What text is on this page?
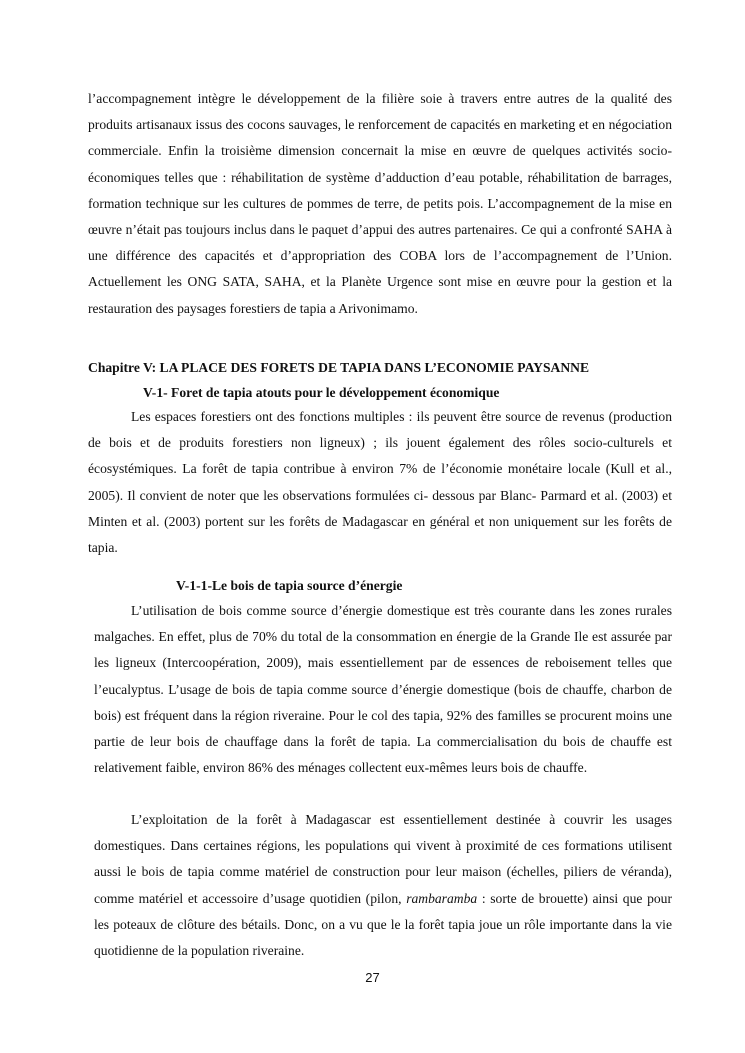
l’accompagnement intègre le développement de la filière soie à travers entre autres de la qualité des produits artisanaux issus des cocons sauvages, le renforcement de capacités en marketing et en négociation commerciale. Enfin la troisième dimension concernait la mise en œuvre de quelques activités socio-économiques telles que : réhabilitation de système d’adduction d’eau potable, réhabilitation de barrages, formation technique sur les cultures de pommes de terre, de petits pois. L’accompagnement de la mise en œuvre n’était pas toujours inclus dans le paquet d’appui des autres partenaires. Ce qui a confronté SAHA à une différence des capacités et d’appropriation des COBA lors de l’accompagnement de l’Union. Actuellement les ONG SATA, SAHA, et la Planète Urgence sont mise en œuvre pour la gestion et la restauration des paysages forestiers de tapia a Arivonimamo.

Chapitre V: LA PLACE DES FORETS DE TAPIA DANS L’ECONOMIE PAYSANNE
V-1- Foret de tapia atouts pour le développement économique

Les espaces forestiers ont des fonctions multiples : ils peuvent être source de revenus (production de bois et de produits forestiers non ligneux) ; ils jouent également des rôles socio-culturels et écosystémiques. La forêt de tapia contribue à environ 7% de l’économie monétaire locale (Kull et al., 2005). Il convient de noter que les observations formulées ci- dessous par Blanc- Parmard et al. (2003) et Minten et al. (2003) portent sur les forêts de Madagascar en général et non uniquement sur les forêts de tapia.

V-1-1-Le bois de tapia source d’énergie

L’utilisation de bois comme source d’énergie domestique est très courante dans les zones rurales malgaches. En effet, plus de 70% du total de la consommation en énergie de la Grande Ile est assurée par les ligneux (Intercoopération, 2009), mais essentiellement par de essences de reboisement telles que l’eucalyptus. L’usage de bois de tapia comme source d’énergie domestique (bois de chauffe, charbon de bois) est fréquent dans la région riveraine. Pour le col des tapia, 92% des familles se procurent moins une partie de leur bois de chauffage dans la forêt de tapia. La commercialisation du bois de chauffe est relativement faible, environ 86% des ménages collectent eux-mêmes leurs bois de chauffe.

L’exploitation de la forêt à Madagascar est essentiellement destinée à couvrir les usages domestiques. Dans certaines régions, les populations qui vivent à proximité de ces formations utilisent aussi le bois de tapia comme matériel de construction pour leur maison (échelles, piliers de véranda), comme matériel et accessoire d’usage quotidien (pilon, rambaramba : sorte de brouette) ainsi que pour les poteaux de clôture des bétails. Donc, on a vu que le la forêt tapia joue un rôle importante dans la vie quotidienne de la population riveraine.

27
